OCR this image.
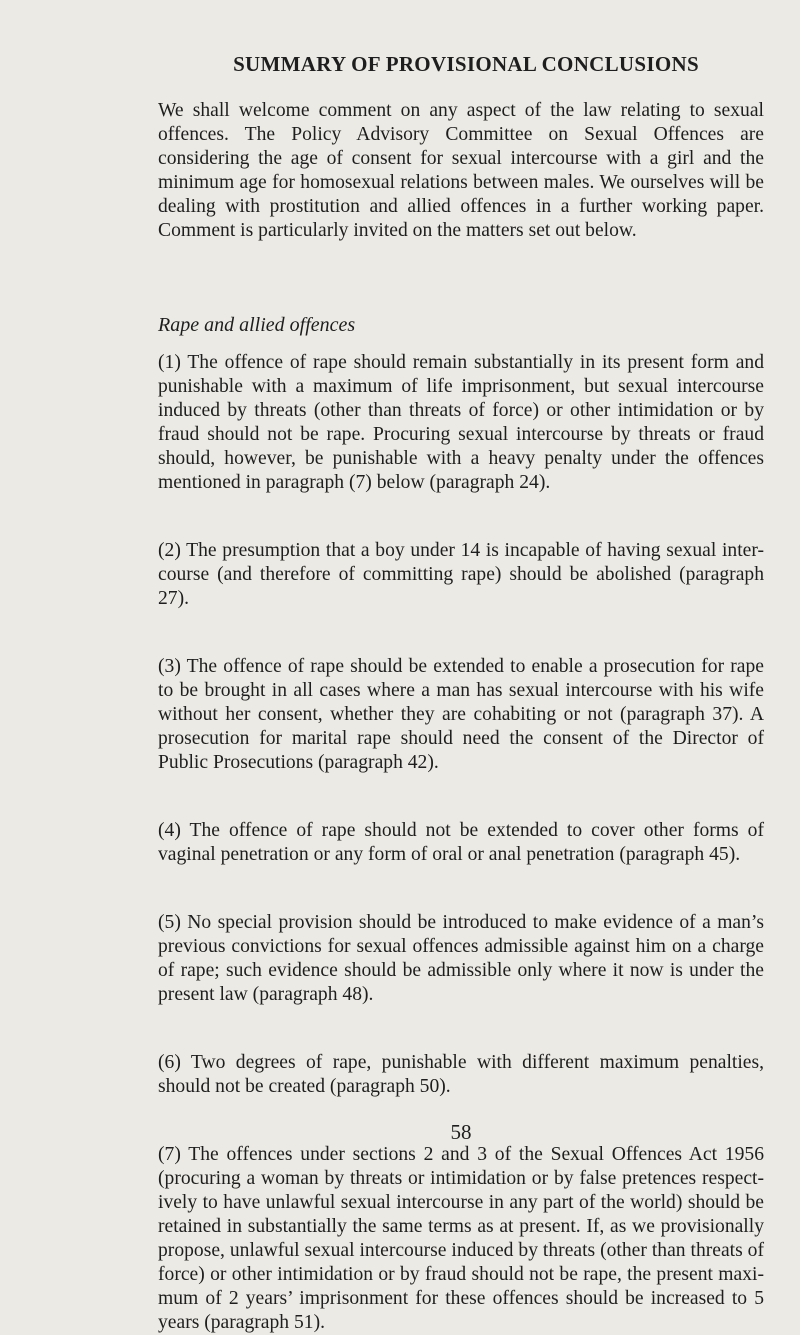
SUMMARY OF PROVISIONAL CONCLUSIONS

We shall welcome comment on any aspect of the law relating to sexual offences. The Policy Advisory Committee on Sexual Offences are considering the age of consent for sexual intercourse with a girl and the minimum age for homosexual relations between males. We ourselves will be dealing with prostitution and allied offences in a further working paper. Comment is particularly invited on the matters set out below.

Rape and allied offences

(1) The offence of rape should remain substantially in its present form and punishable with a maximum of life imprisonment, but sexual intercourse induced by threats (other than threats of force) or other intimidation or by fraud should not be rape. Procuring sexual intercourse by threats or fraud should, however, be punishable with a heavy penalty under the offences mentioned in paragraph (7) below (paragraph 24).

(2) The presumption that a boy under 14 is incapable of having sexual inter-course (and therefore of committing rape) should be abolished (paragraph 27).

(3) The offence of rape should be extended to enable a prosecution for rape to be brought in all cases where a man has sexual intercourse with his wife without her consent, whether they are cohabiting or not (paragraph 37). A prosecution for marital rape should need the consent of the Director of Public Prosecutions (paragraph 42).

(4) The offence of rape should not be extended to cover other forms of vaginal penetration or any form of oral or anal penetration (paragraph 45).

(5) No special provision should be introduced to make evidence of a man’s previous convictions for sexual offences admissible against him on a charge of rape; such evidence should be admissible only where it now is under the present law (paragraph 48).

(6) Two degrees of rape, punishable with different maximum penalties, should not be created (paragraph 50).

(7) The offences under sections 2 and 3 of the Sexual Offences Act 1956 (procuring a woman by threats or intimidation or by false pretences respect-ively to have unlawful sexual intercourse in any part of the world) should be retained in substantially the same terms as at present. If, as we provisionally propose, unlawful sexual intercourse induced by threats (other than threats of force) or other intimidation or by fraud should not be rape, the present maxi-mum of 2 years’ imprisonment for these offences should be increased to 5 years (paragraph 51).

58
